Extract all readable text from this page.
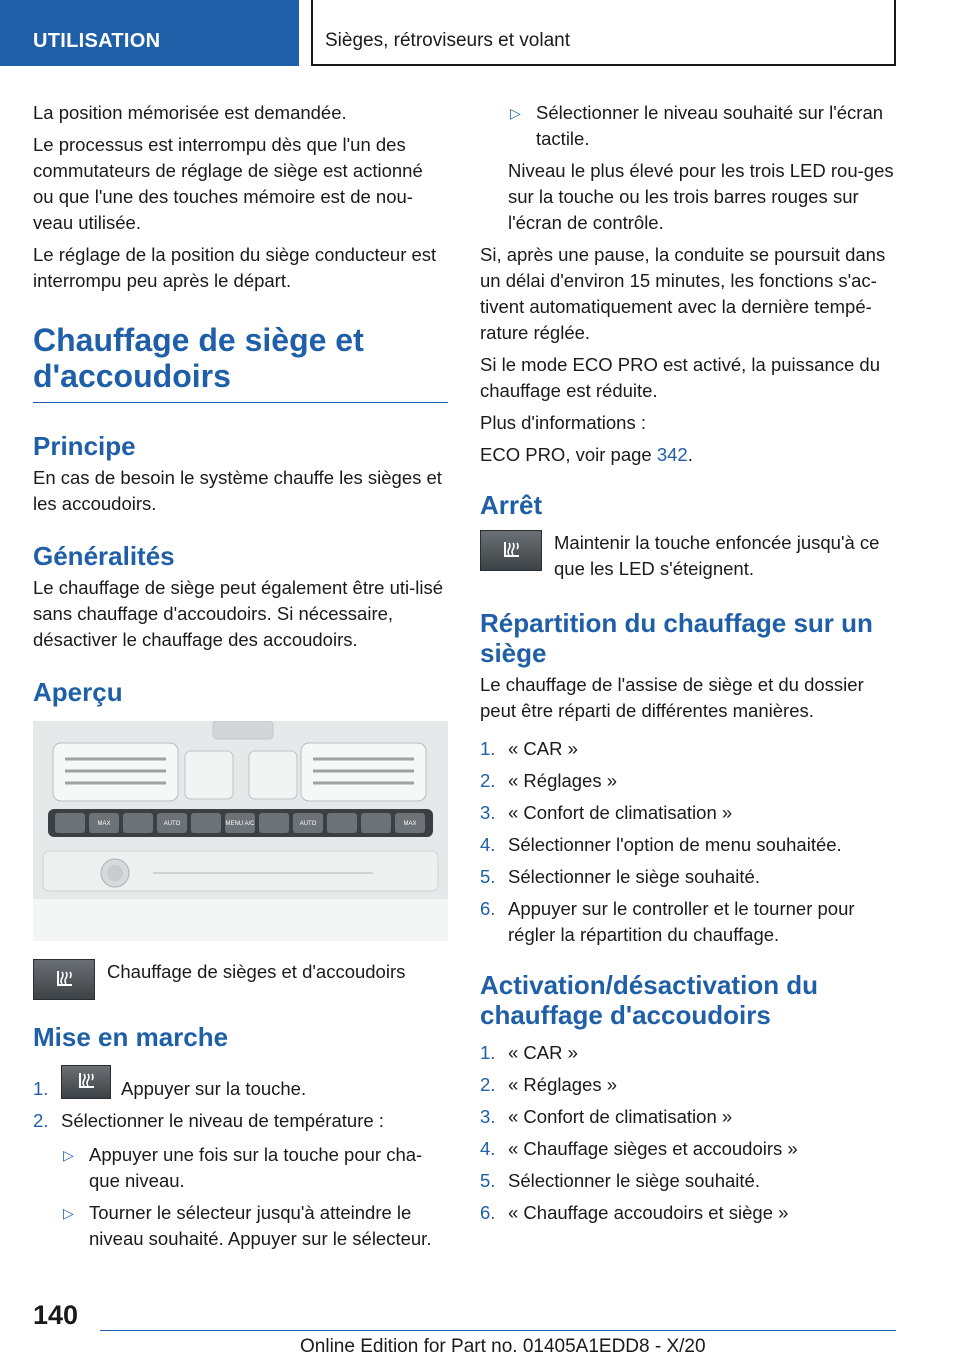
UTILISATION	Sièges, rétroviseurs et volant

La position mémorisée est demandée.

Le processus est interrompu dès que l'un des commutateurs de réglage de siège est actionné ou que l'une des touches mémoire est de nou-veau utilisée.

Le réglage de la position du siège conducteur est interrompu peu après le départ.

Chauffage de siège et d'accoudoirs
Principe

En cas de besoin le système chauffe les sièges et les accoudoirs.

Généralités

Le chauffage de siège peut également être uti-lisé sans chauffage d'accoudoirs. Si nécessaire, désactiver le chauffage des accoudoirs.

Aperçu
MAX	AUTO	MENU A/C	AUTO	MAX
Chauffage de sièges et d'accoudoirs
Mise en marche
1.	Appuyer sur la touche.
2. Sélectionner le niveau de température :
▷ Appuyer une fois sur la touche pour cha-que niveau.
▷ Tourner le sélecteur jusqu'à atteindre le niveau souhaité. Appuyer sur le sélecteur.
▷ Sélectionner le niveau souhaité sur l'écran tactile.

Niveau le plus élevé pour les trois LED rou-ges sur la touche ou les trois barres rouges sur l'écran de contrôle.

Si, après une pause, la conduite se poursuit dans un délai d'environ 15 minutes, les fonctions s'ac-tivent automatiquement avec la dernière tempé-rature réglée.

Si le mode ECO PRO est activé, la puissance du chauffage est réduite.

Plus d'informations :

ECO PRO, voir page 342.

Arrêt
Maintenir la touche enfoncée jusqu'à ce que les LED s'éteignent.
Répartition du chauffage sur un siège

Le chauffage de l'assise de siège et du dossier peut être réparti de différentes manières.

1. « CAR »
2. « Réglages »
3. « Confort de climatisation »
4. Sélectionner l'option de menu souhaitée.
5. Sélectionner le siège souhaité.
6. Appuyer sur le controller et le tourner pour régler la répartition du chauffage.
Activation/désactivation du chauffage d'accoudoirs
1. « CAR »
2. « Réglages »
3. « Confort de climatisation »
4. « Chauffage sièges et accoudoirs »
5. Sélectionner le siège souhaité.
6. « Chauffage accoudoirs et siège »
140
Online Edition for Part no. 01405A1EDD8 - X/20
